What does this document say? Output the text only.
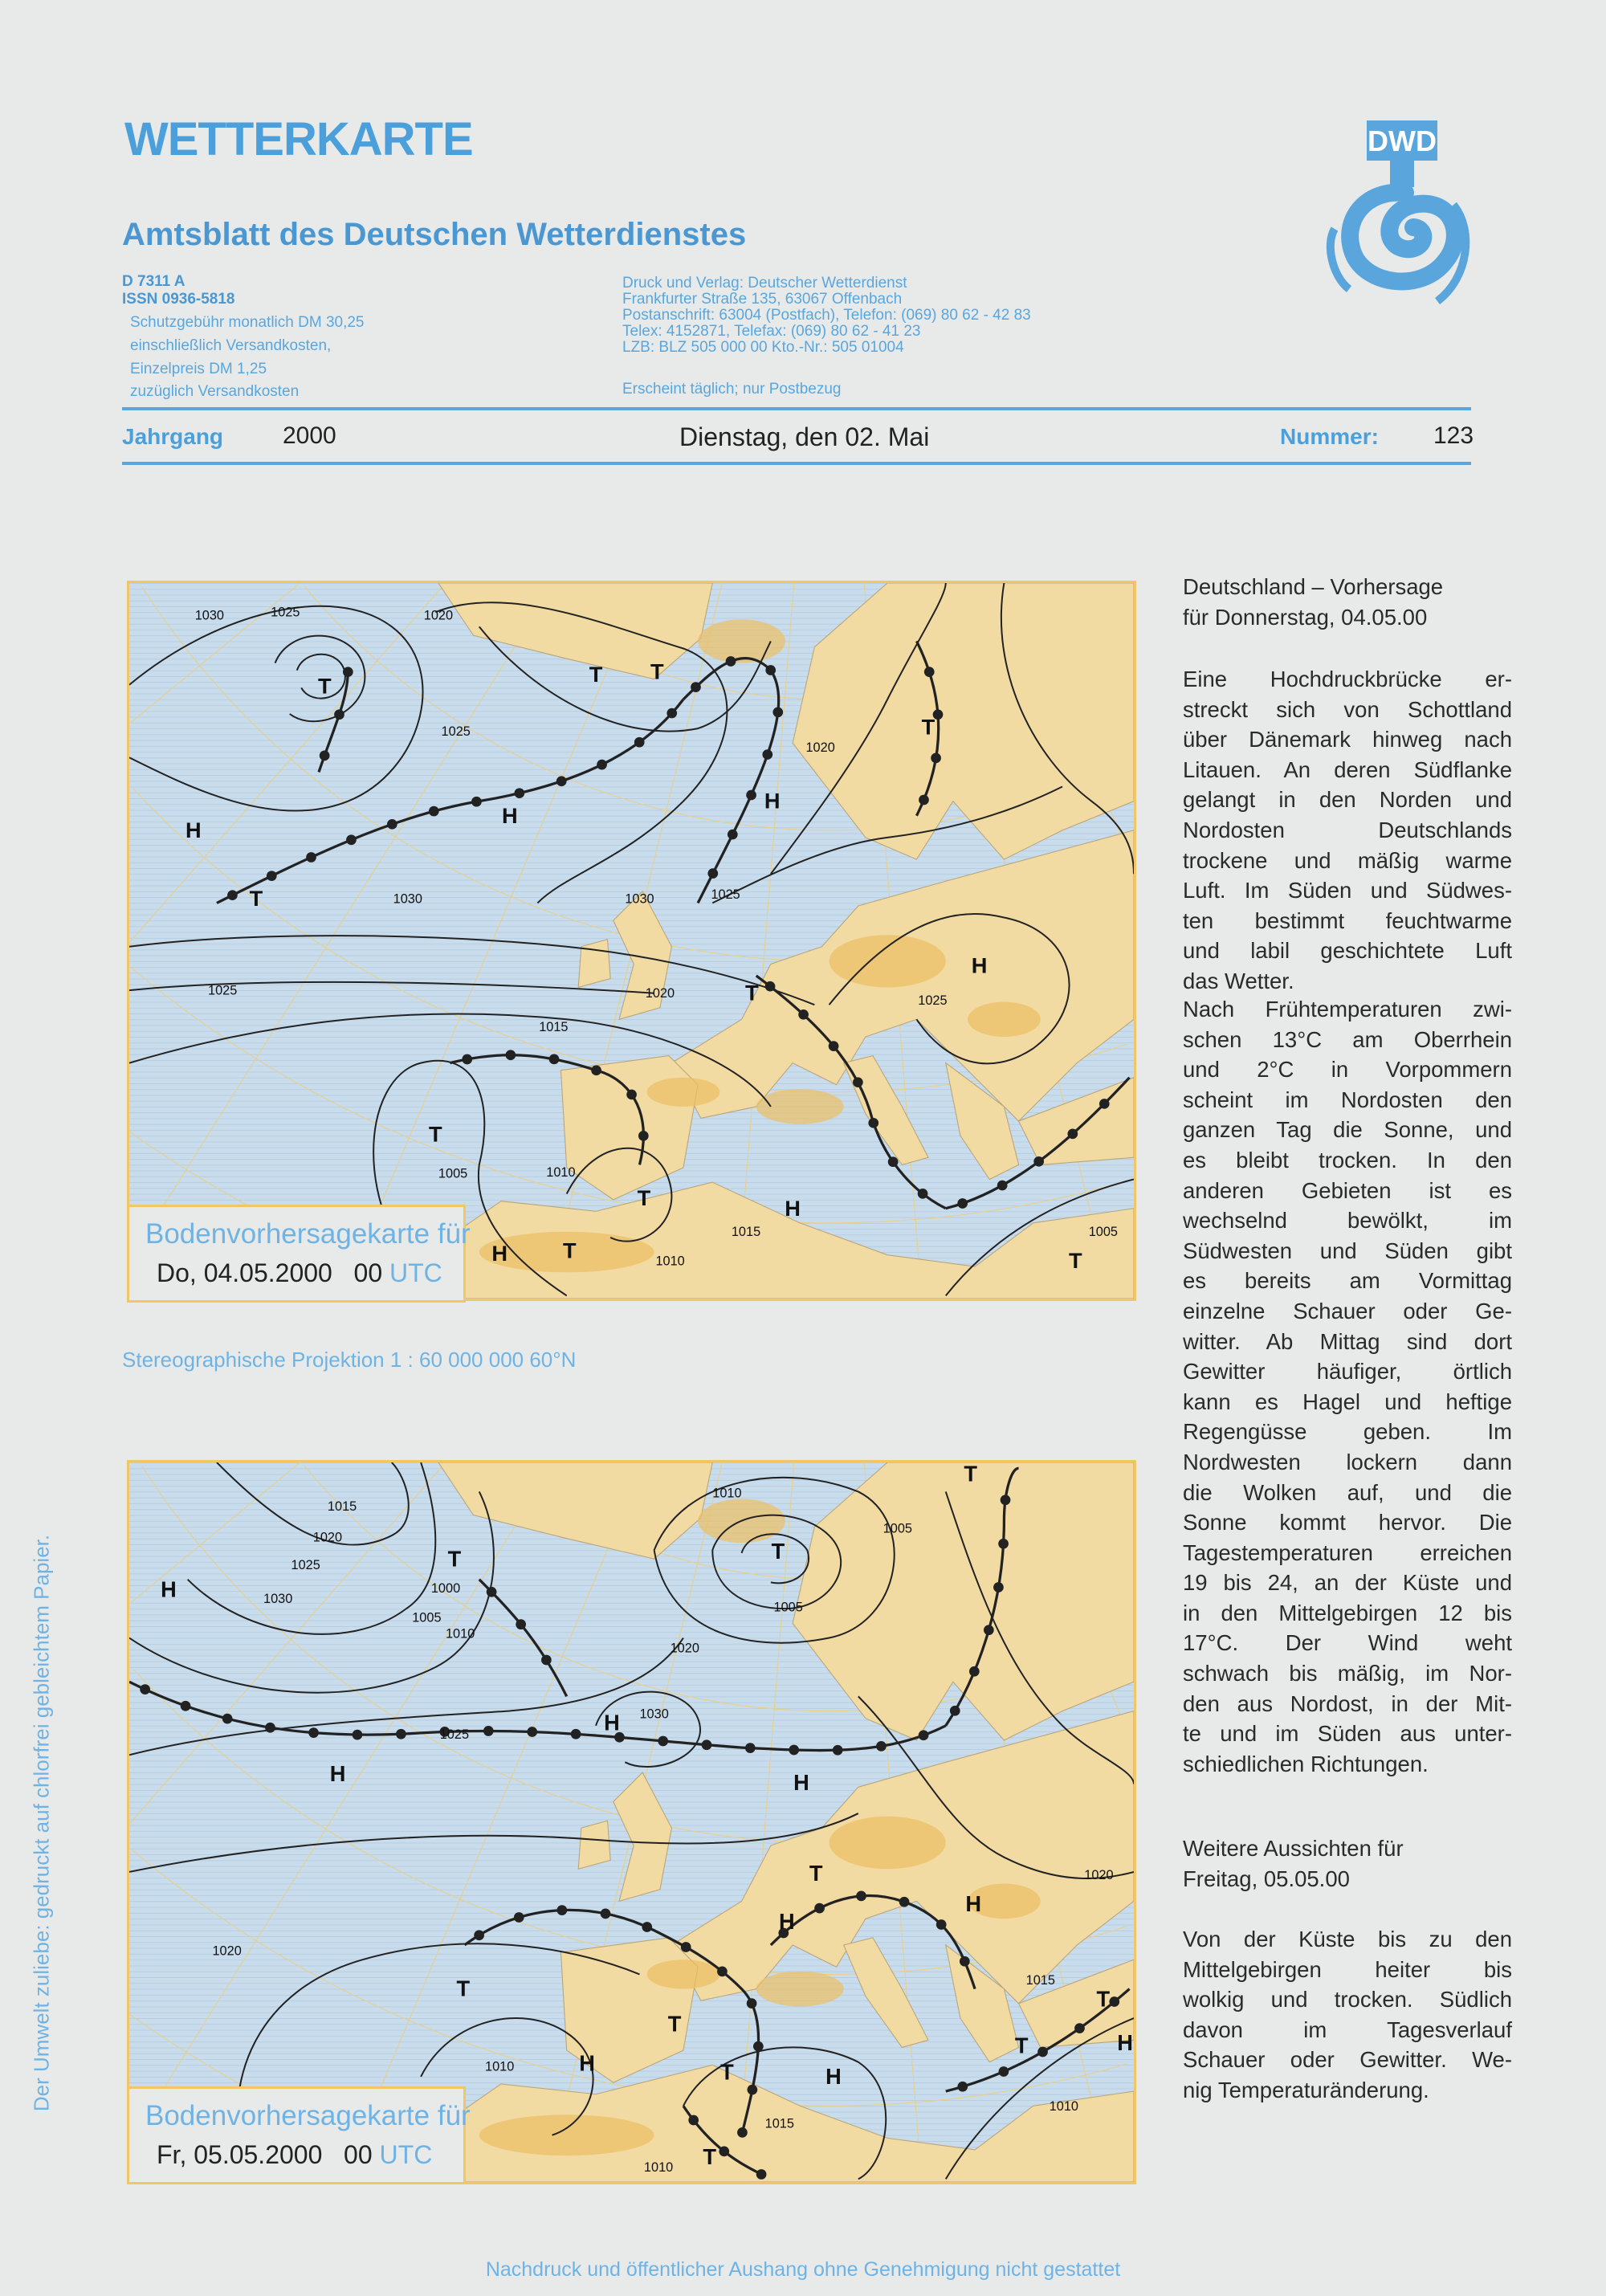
WETTERKARTE
Amtsblatt des Deutschen Wetterdienstes
DWD
D 7311 A
ISSN 0936-5818
Schutzgebühr monatlich DM 30,25
einschließlich Versandkosten,
Einzelpreis DM 1,25
zuzüglich Versandkosten
Druck und Verlag: Deutscher Wetterdienst
Frankfurter Straße 135, 63067 Offenbach
Postanschrift: 63004 (Postfach), Telefon: (069) 80 62 - 42 83
Telex: 4152871, Telefax: (069) 80 62 - 41 23
LZB: BLZ 505 000 00 Kto.-Nr.: 505 01004
Erscheint täglich; nur Postbezug
Jahrgang 2000	Dienstag, den 02. Mai	Nummer: 123
1030	1025	1020
T
1025
H
H
T	1030	1030	1025
T	T
1020
H
T
H
1025
1025	1020	T
1015
T
1005	1010
T	H
1015
1010
H	T
1005
T
Bodenvorhersagekarte für
Do, 04.05.2000 00 UTC
Stereographische Projektion 1 : 60 000 000 60°N
1015
1020
1025
H	1030
T
1000
1005
1010
1010
1005
T
1005
1020
H	1030
1025
H	H
T
T
H
H
1020
1020
T
1010	H
T
T	H
1015
T
T	H
1010
1015
1010 T
Bodenvorhersagekarte für
Fr, 05.05.2000 00 UTC
Deutschland – Vorhersage
für Donnerstag, 04.05.00
Eine Hochdruckbrücke er-
streckt sich von Schottland
über Dänemark hinweg nach
Litauen. An deren Südflanke
gelangt in den Norden und
Nordosten Deutschlands
trockene und mäßig warme
Luft. Im Süden und Südwes-
ten bestimmt feuchtwarme
und labil geschichtete Luft
das Wetter.
Nach Frühtemperaturen zwi-
schen 13°C am Oberrhein
und 2°C in Vorpommern
scheint im Nordosten den
ganzen Tag die Sonne, und
es bleibt trocken. In den
anderen Gebieten ist es
wechselnd bewölkt, im
Südwesten und Süden gibt
es bereits am Vormittag
einzelne Schauer oder Ge-
witter. Ab Mittag sind dort
Gewitter häufiger, örtlich
kann es Hagel und heftige
Regengüsse geben. Im
Nordwesten lockern dann
die Wolken auf, und die
Sonne kommt hervor. Die
Tagestemperaturen erreichen
19 bis 24, an der Küste und
in den Mittelgebirgen 12 bis
17°C. Der Wind weht
schwach bis mäßig, im Nor-
den aus Nordost, in der Mit-
te und im Süden aus unter-
schiedlichen Richtungen.
Weitere Aussichten für
Freitag, 05.05.00
Von der Küste bis zu den
Mittelgebirgen heiter bis
wolkig und trocken. Südlich
davon im Tagesverlauf
Schauer oder Gewitter. We-
nig Temperaturänderung.
Der Umwelt zuliebe: gedruckt auf chlorfrei gebleichtem Papier.
Nachdruck und öffentlicher Aushang ohne Genehmigung nicht gestattet
